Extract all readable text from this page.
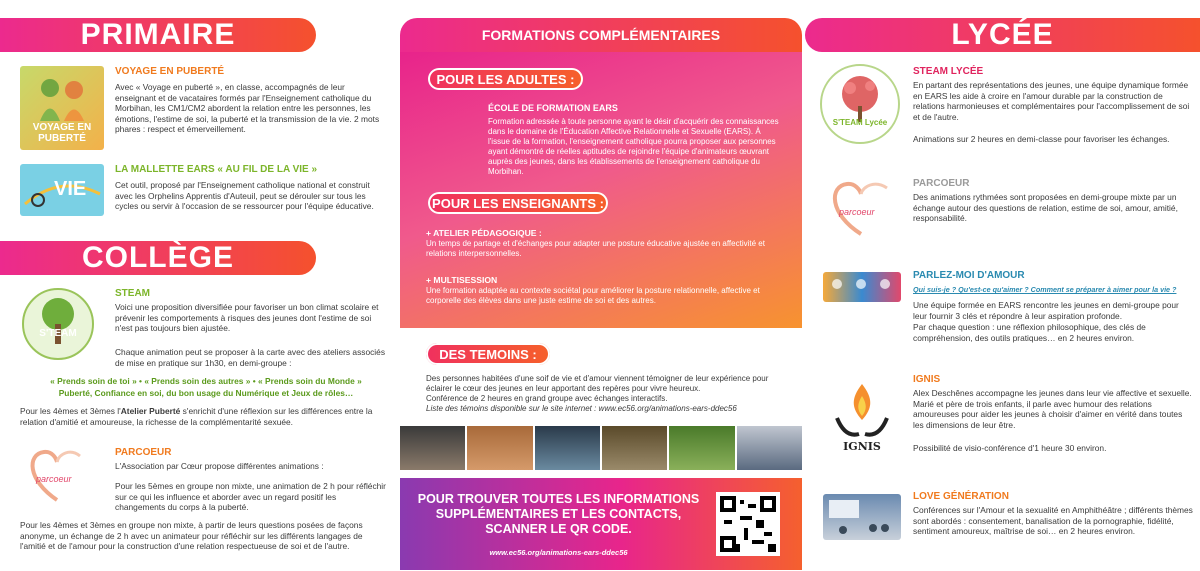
PRIMAIRE
VOYAGE EN PUBERTÉ
VOYAGE EN PUBERTÉ
Avec « Voyage en puberté », en classe, accompagnés de leur enseignant et de vacataires formés par l'Enseignement catholique du Morbihan, les CM1/CM2 abordent la relation entre les personnes, les émotions, l'estime de soi, la puberté et la transmission de la vie. 2 mots phares : respect et émerveillement.
VIE
LA MALLETTE EARS « AU FIL DE LA VIE »
Cet outil, proposé par l'Enseignement catholique national et construit avec les Orphelins Apprentis d'Auteuil, peut se dérouler sur tous les cycles ou servir à l'occasion de se ressourcer pour l'équipe éducative.
COLLÈGE
S'TEAM
STEAM
Voici une proposition diversifiée pour favoriser un bon climat scolaire et prévenir les comportements à risques des jeunes dont l'estime de soi n'est pas toujours bien ajustée.
Chaque animation peut se proposer à la carte avec des ateliers associés de mise en pratique sur 1h30, en demi-groupe :
« Prends soin de toi » • « Prends soin des autres » • « Prends soin du Monde »
Puberté, Confiance en soi, du bon usage du Numérique et Jeux de rôles…
Pour les 4èmes et 3èmes l'Atelier Puberté s'enrichit d'une réflexion sur les différences entre la relation d'amitié et amoureuse, la richesse de la complémentarité sexuée.
parcoeur
PARCOEUR
L'Association par Cœur propose différentes animations :
Pour les 5èmes en groupe non mixte, une animation de 2 h pour réfléchir sur ce qui les influence et aborder avec un regard positif les changements du corps à la puberté.
Pour les 4èmes et 3èmes en groupe non mixte, à partir de leurs questions posées de façons anonyme, un échange de 2 h avec un animateur pour réfléchir sur les différents langages de l'amitié et de l'amour pour la construction d'une relation respectueuse de soi et de l'autre.
FORMATIONS COMPLÉMENTAIRES
POUR LES ADULTES :
ÉCOLE DE FORMATION EARS
Formation adressée à toute personne ayant le désir d'acquérir des connaissances dans le domaine de l'Éducation Affective Relationnelle et Sexuelle (EARS). À l'issue de la formation, l'enseignement catholique pourra proposer aux personnes ayant démontré de réelles aptitudes de rejoindre l'équipe d'animateurs œuvrant auprès des jeunes, dans les établissements de l'enseignement catholique du Morbihan.
POUR LES ENSEIGNANTS :
+ ATELIER PÉDAGOGIQUE :
Un temps de partage et d'échanges pour adapter une posture éducative ajustée en affectivité et relations interpersonnelles.
+ MULTISESSION
Une formation adaptée au contexte sociétal pour améliorer la posture relationnelle, affective et corporelle des élèves dans une juste estime de soi et des autres.
DES TEMOINS :
Des personnes habitées d'une soif de vie et d'amour viennent témoigner de leur expérience pour éclairer le cœur des jeunes en leur apportant des repères pour vivre heureux.
Conférence de 2 heures en grand groupe avec échanges interactifs.
Liste des témoins disponible sur le site internet : www.ec56.org/animations-ears-ddec56
POUR TROUVER TOUTES LES INFORMATIONS SUPPLÉMENTAIRES ET LES CONTACTS, SCANNER LE QR CODE.
www.ec56.org/animations-ears-ddec56
LYCÉE
S'TEAM Lycée
STEAM LYCÉE
En partant des représentations des jeunes, une équipe dynamique formée en EARS les aide à croire en l'amour durable par la construction de relations harmonieuses et complémentaires pour l'accomplissement de soi et de l'autre.
Animations sur 2 heures en demi-classe pour favoriser les échanges.
parcoeur
PARCOEUR
Des animations rythmées sont proposées en demi-groupe mixte par un échange autour des questions de relation, estime de soi, amour, amitié, responsabilité.
PARLEZ-MOI D'AMOUR
Qui suis-je ? Qu'est-ce qu'aimer ? Comment se préparer à aimer pour la vie ?
Une équipe formée en EARS rencontre les jeunes en demi-groupe pour leur fournir 3 clés et répondre à leur aspiration profonde.
Par chaque question : une réflexion philosophique, des clés de compréhension, des outils pratiques… en 2 heures environ.
IGNIS
IGNIS
Alex Deschênes accompagne les jeunes dans leur vie affective et sexuelle. Marié et père de trois enfants, il parle avec humour des relations amoureuses pour aider les jeunes à choisir d'aimer en vérité dans toutes les dimensions de leur être.
Possibilité de visio-conférence d'1 heure 30 environ.
LOVE GÉNÉRATION
Conférences sur l'Amour et la sexualité en Amphithéâtre ; différents thèmes sont abordés : consentement, banalisation de la pornographie, fidélité, sentiment amoureux, maîtrise de soi… en 2 heures environ.
